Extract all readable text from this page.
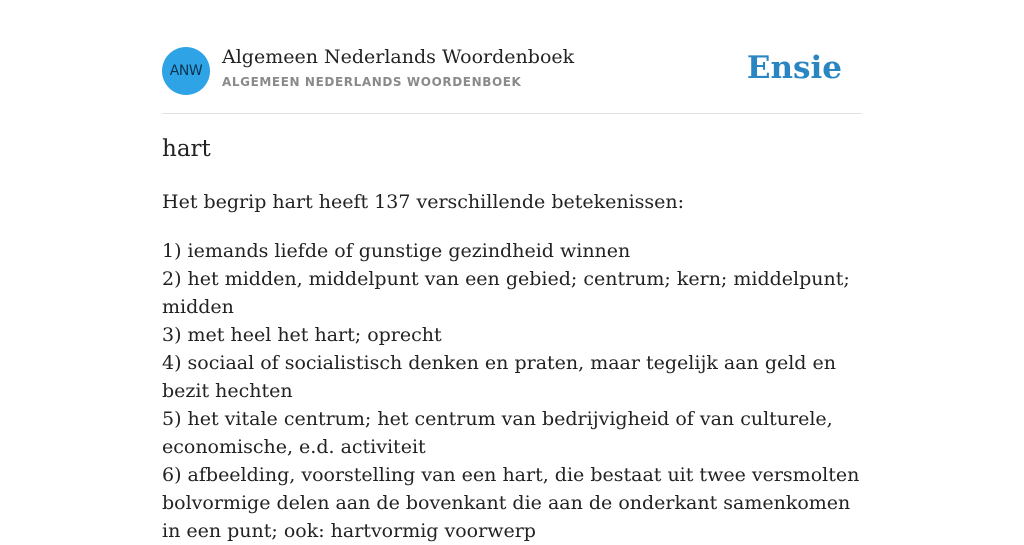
ANW
Algemeen Nederlands Woordenboek
ALGEMEEN NEDERLANDS WOORDENBOEK	Ensie
hart

Het begrip hart heeft 137 verschillende betekenissen:

1) iemands liefde of gunstige gezindheid winnen
2) het midden, middelpunt van een gebied; centrum; kern; middelpunt; midden
3) met heel het hart; oprecht
4) sociaal of socialistisch denken en praten, maar tegelijk aan geld en bezit hechten
5) het vitale centrum; het centrum van bedrijvigheid of van culturele, economische, e.d. activiteit
6) afbeelding, voorstelling van een hart, die bestaat uit twee versmolten bolvormige delen aan de bovenkant die aan de onderkant samenkomen in een punt; ook: hartvormig voorwerp
